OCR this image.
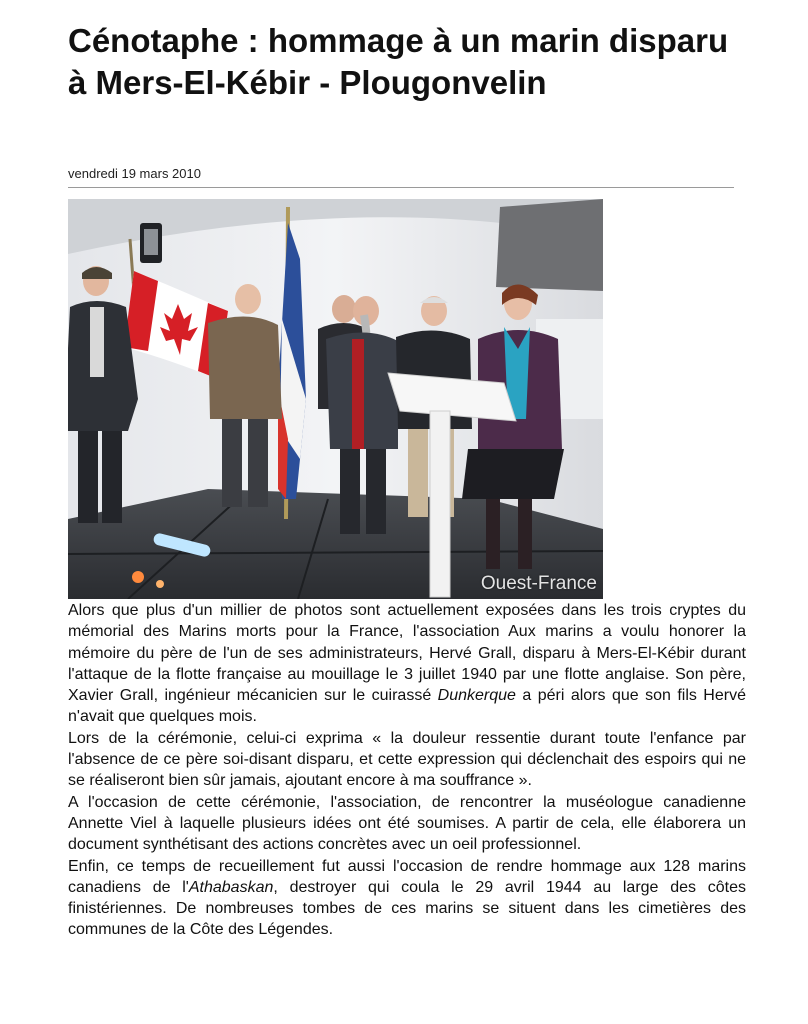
Cénotaphe : hommage à un marin disparu à Mers-El-Kébir - Plougonvelin
vendredi 19 mars 2010
Ouest-France

Alors que plus d'un millier de photos sont actuellement exposées dans les trois cryptes du mémorial des Marins morts pour la France, l'association Aux marins a voulu honorer la mémoire du père de l'un de ses administrateurs, Hervé Grall, disparu à Mers-El-Kébir durant l'attaque de la flotte française au mouillage le 3 juillet 1940 par une flotte anglaise. Son père, Xavier Grall, ingénieur mécanicien sur le cuirassé Dunkerque a péri alors que son fils Hervé n'avait que quelques mois.

Lors de la cérémonie, celui-ci exprima « la douleur ressentie durant toute l'enfance par l'absence de ce père soi-disant disparu, et cette expression qui déclenchait des espoirs qui ne se réaliseront bien sûr jamais, ajoutant encore à ma souffrance ».

A l'occasion de cette cérémonie, l'association, de rencontrer la muséologue canadienne Annette Viel à laquelle plusieurs idées ont été soumises. A partir de cela, elle élaborera un document synthétisant des actions concrètes avec un oeil professionnel.

Enfin, ce temps de recueillement fut aussi l'occasion de rendre hommage aux 128 marins canadiens de l'Athabaskan, destroyer qui coula le 29 avril 1944 au large des côtes finistériennes. De nombreuses tombes de ces marins se situent dans les cimetières des communes de la Côte des Légendes.
